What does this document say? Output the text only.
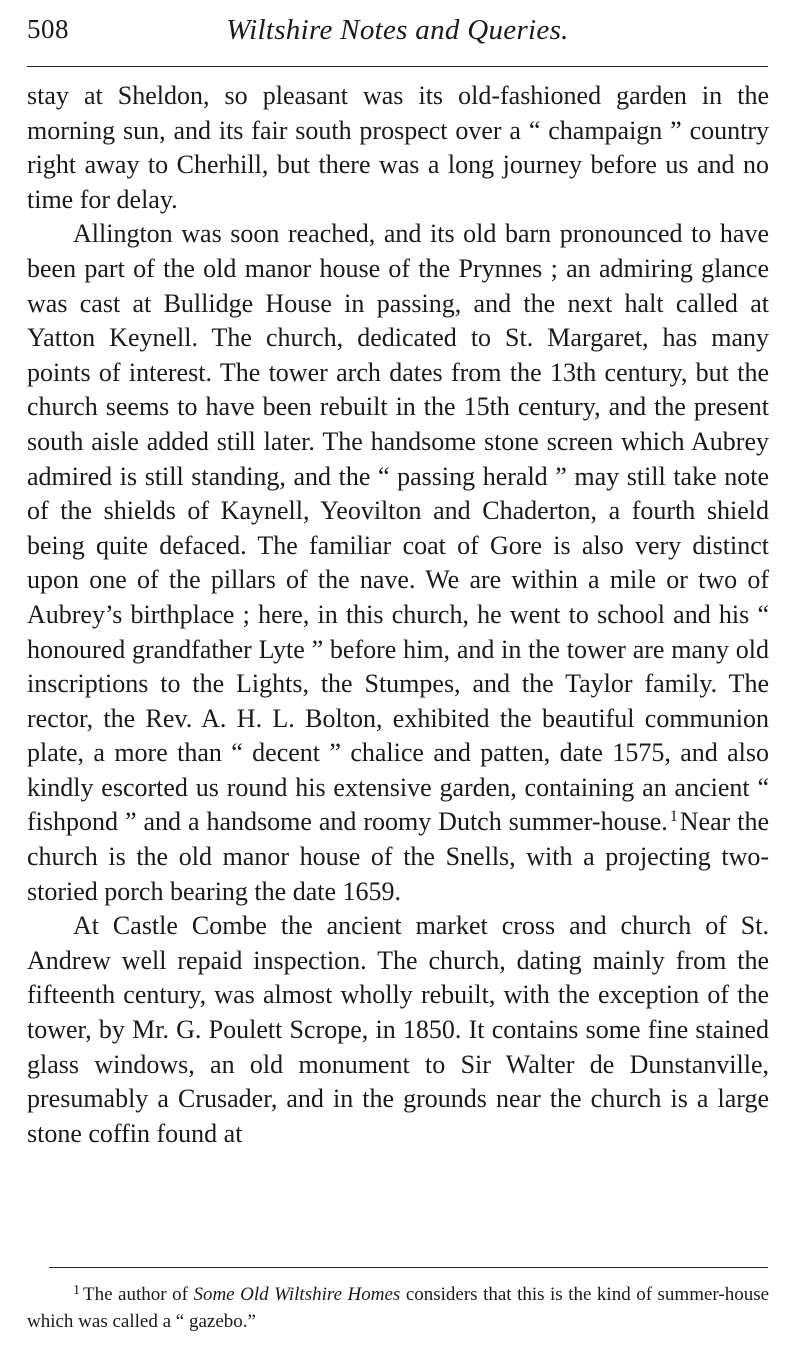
508	Wiltshire Notes and Queries.

stay at Sheldon, so pleasant was its old-fashioned garden in the morning sun, and its fair south prospect over a “ champaign ” country right away to Cherhill, but there was a long journey before us and no time for delay.

Allington was soon reached, and its old barn pronounced to have been part of the old manor house of the Prynnes ; an admiring glance was cast at Bullidge House in passing, and the next halt called at Yatton Keynell. The church, dedicated to St. Margaret, has many points of interest. The tower arch dates from the 13th century, but the church seems to have been rebuilt in the 15th century, and the present south aisle added still later. The handsome stone screen which Aubrey admired is still standing, and the “ passing herald ” may still take note of the shields of Kaynell, Yeovilton and Chaderton, a fourth shield being quite defaced. The familiar coat of Gore is also very distinct upon one of the pillars of the nave. We are within a mile or two of Aubrey’s birthplace ; here, in this church, he went to school and his “ honoured grandfather Lyte ” before him, and in the tower are many old inscriptions to the Lights, the Stumpes, and the Taylor family. The rector, the Rev. A. H. L. Bolton, exhibited the beautiful communion plate, a more than “ decent ” chalice and patten, date 1575, and also kindly escorted us round his extensive garden, containing an ancient “ fishpond ” and a handsome and roomy Dutch summer-house. $^1$Near the church is the old manor house of the Snells, with a projecting two-storied porch bearing the date 1659.

At Castle Combe the ancient market cross and church of St. Andrew well repaid inspection. The church, dating mainly from the fifteenth century, was almost wholly rebuilt, with the exception of the tower, by Mr. G. Poulett Scrope, in 1850. It contains some fine stained glass windows, an old monument to Sir Walter de Dunstanville, presumably a Crusader, and in the grounds near the church is a large stone coffin found at

$^1$ The author of Some Old Wiltshire Homes considers that this is the kind of summer-house which was called a “ gazebo.”
